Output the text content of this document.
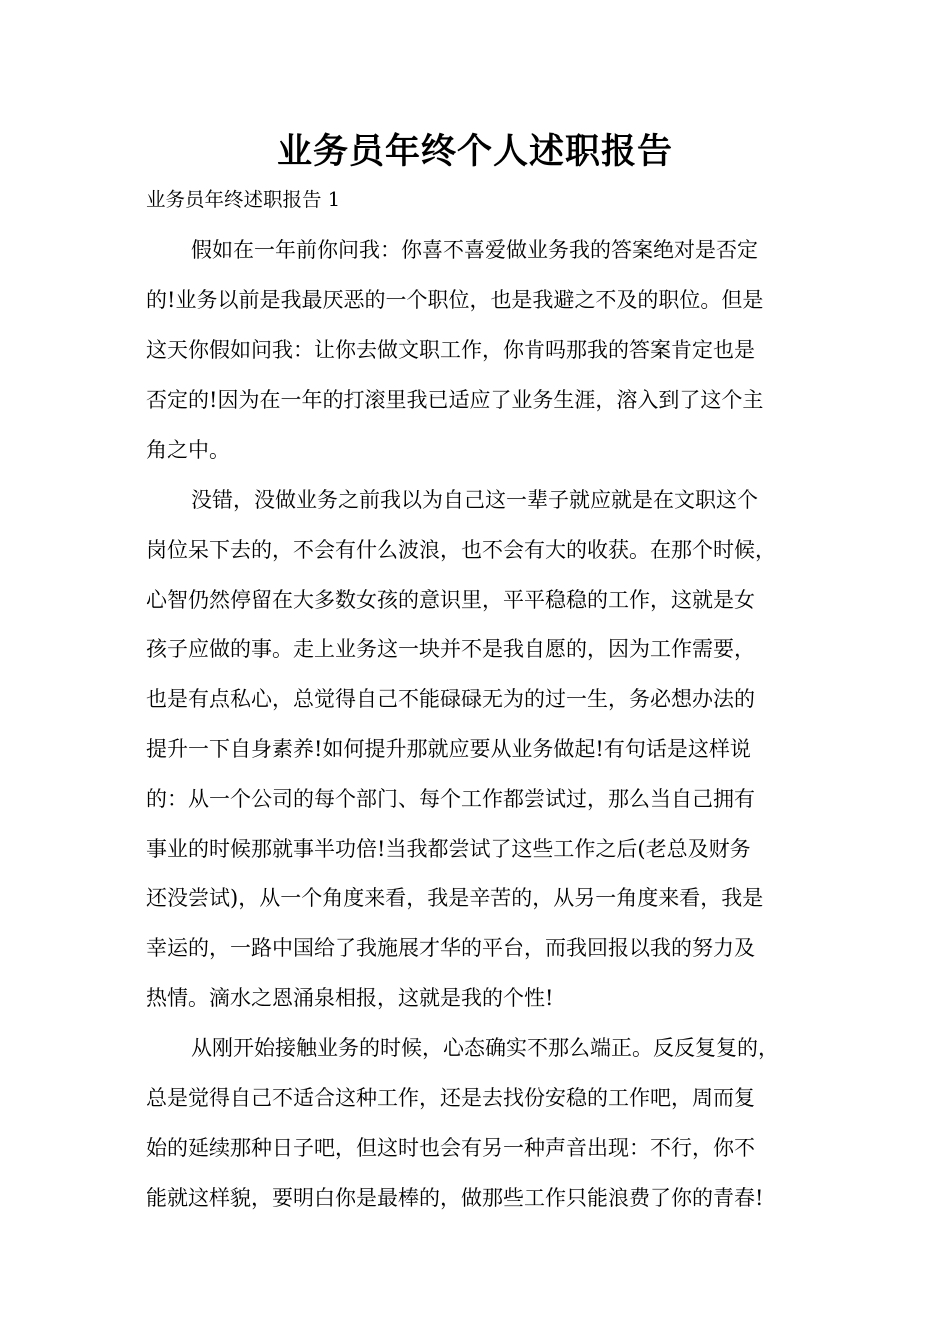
业务员年终个人述职报告
业务员年终述职报告 1
假如在一年前你问我：你喜不喜爱做业务我的答案绝对是否定
的!业务以前是我最厌恶的一个职位，也是我避之不及的职位。但是
这天你假如问我：让你去做文职工作，你肯吗那我的答案肯定也是
否定的!因为在一年的打滚里我已适应了业务生涯，溶入到了这个主
角之中。
没错，没做业务之前我以为自己这一辈子就应就是在文职这个
岗位呆下去的，不会有什么波浪，也不会有大的收获。在那个时候，
心智仍然停留在大多数女孩的意识里，平平稳稳的工作，这就是女
孩子应做的事。走上业务这一块并不是我自愿的，因为工作需要，
也是有点私心，总觉得自己不能碌碌无为的过一生，务必想办法的
提升一下自身素养!如何提升那就应要从业务做起!有句话是这样说
的：从一个公司的每个部门、每个工作都尝试过，那么当自己拥有
事业的时候那就事半功倍!当我都尝试了这些工作之后(老总及财务
还没尝试)，从一个角度来看，我是辛苦的，从另一角度来看，我是
幸运的，一路中国给了我施展才华的平台，而我回报以我的努力及
热情。滴水之恩涌泉相报，这就是我的个性!
从刚开始接触业务的时候，心态确实不那么端正。反反复复的，
总是觉得自己不适合这种工作，还是去找份安稳的工作吧，周而复
始的延续那种日子吧，但这时也会有另一种声音出现：不行，你不
能就这样貌，要明白你是最棒的，做那些工作只能浪费了你的青春!
